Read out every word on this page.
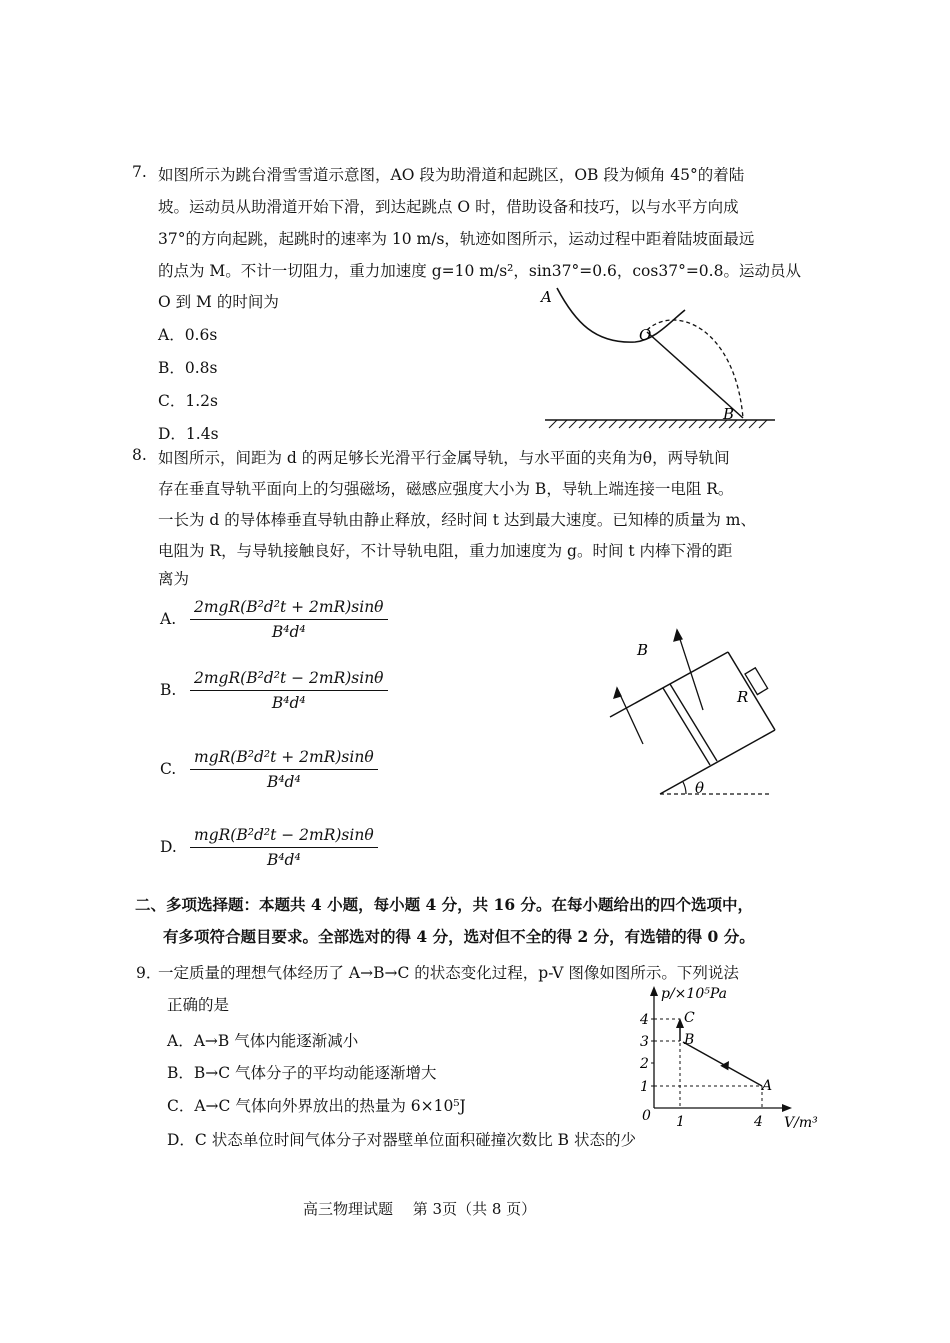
7. 如图所示为跳台滑雪雪道示意图，AO 段为助滑道和起跳区，OB 段为倾角 45°的着陆
坡。运动员从助滑道开始下滑，到达起跳点 O 时，借助设备和技巧，以与水平方向成
37°的方向起跳，起跳时的速率为 10 m/s，轨迹如图所示，运动过程中距着陆坡面最远
的点为 M。不计一切阻力，重力加速度 g=10 m/s²，sin37°=0.6，cos37°=0.8。运动员从
O 到 M 的时间为
A．0.6s
B．0.8s
C．1.2s
D．1.4s
A
O
B
8. 如图所示，间距为 d 的两足够长光滑平行金属导轨，与水平面的夹角为θ，两导轨间
存在垂直导轨平面向上的匀强磁场，磁感应强度大小为 B，导轨上端连接一电阻 R。
一长为 d 的导体棒垂直导轨由静止释放，经时间 t 达到最大速度。已知棒的质量为 m、
电阻为 R，与导轨接触良好，不计导轨电阻，重力加速度为 g。时间 t 内棒下滑的距
离为
A.
2mgR(B²d²t + 2mR)sinθ
B⁴d⁴
B.
2mgR(B²d²t − 2mR)sinθ
B⁴d⁴
C.
mgR(B²d²t + 2mR)sinθ
B⁴d⁴
D.
mgR(B²d²t − 2mR)sinθ
B⁴d⁴
B
R
θ
二、多项选择题：本题共 4 小题，每小题 4 分，共 16 分。在每小题给出的四个选项中，
有多项符合题目要求。全部选对的得 4 分，选对但不全的得 2 分，有选错的得 0 分。
9．
一定质量的理想气体经历了 A→B→C 的状态变化过程，p-V 图像如图所示。下列说法
正确的是
A．A→B 气体内能逐渐减小
B．B→C 气体分子的平均动能逐渐增大
C．A→C 气体向外界放出的热量为 6×10⁵J
D．C 状态单位时间气体分子对器壁单位面积碰撞次数比 B 状态的少
p/×10⁵Pa
V/m³
0
1
2
3
4
1	4
A
B
C
高三物理试题　 第 3页（共 8 页）
